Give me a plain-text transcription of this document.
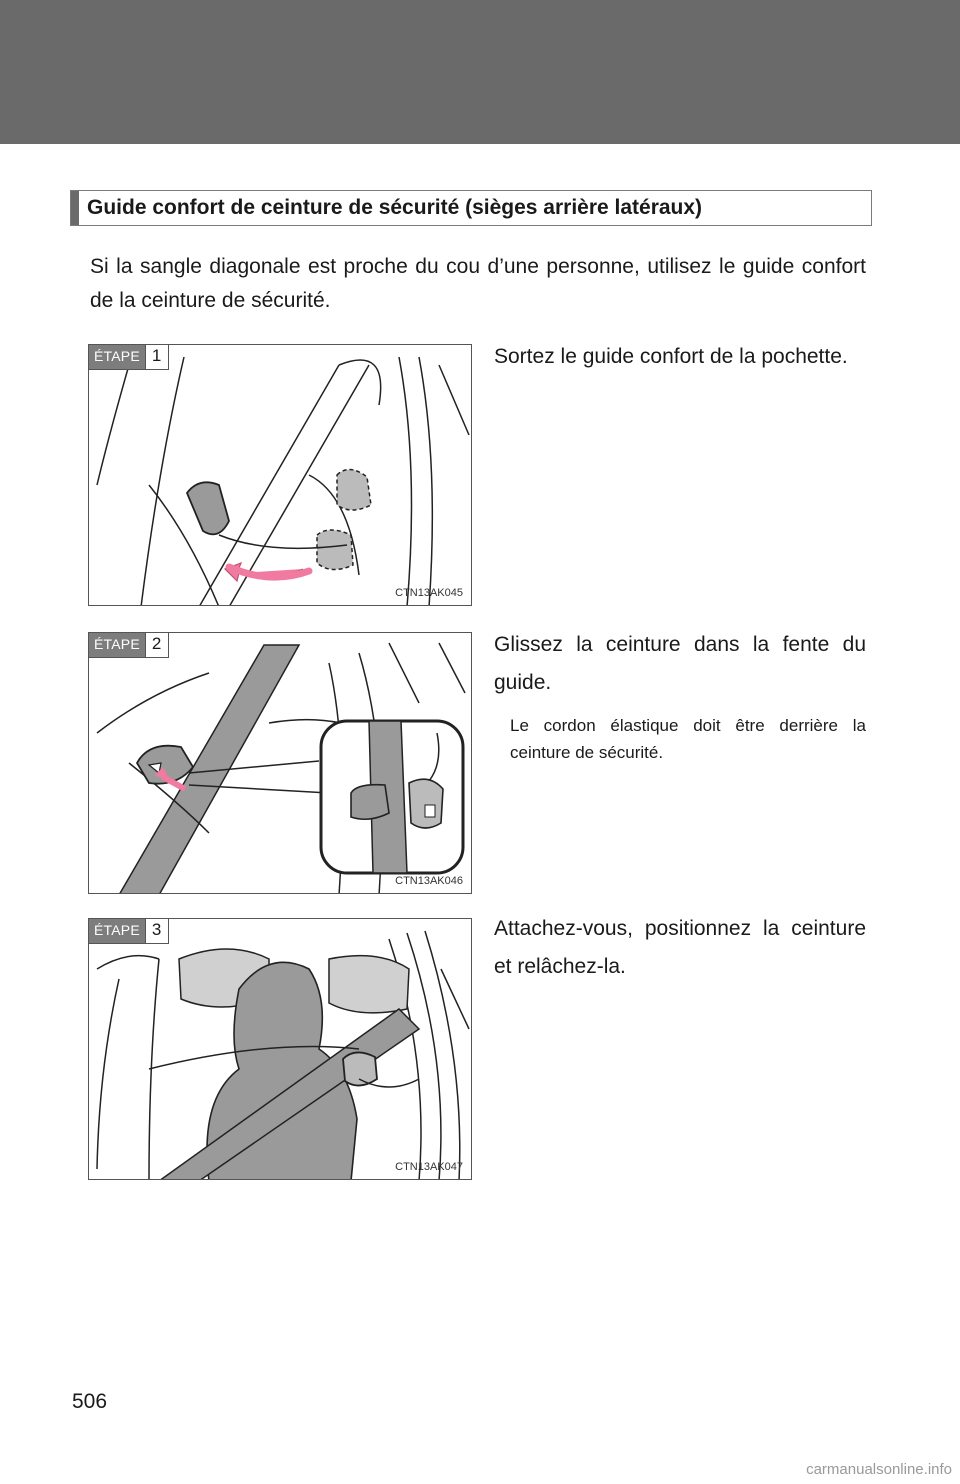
Guide confort de ceinture de sécurité (sièges arrière latéraux)
Si la sangle diagonale est proche du cou d’une personne, utilisez le guide confort de la ceinture de sécurité.
ÉTAPE 1
CTN13AK045
Sortez le guide confort de la pochette.
ÉTAPE 2
CTN13AK046
Glissez la ceinture dans la fente du guide.
Le cordon élastique doit être derrière la ceinture de sécurité.
ÉTAPE 3
CTN13AK047
Attachez-vous, positionnez la ceinture et relâchez-la.
506
carmanualsonline.info
